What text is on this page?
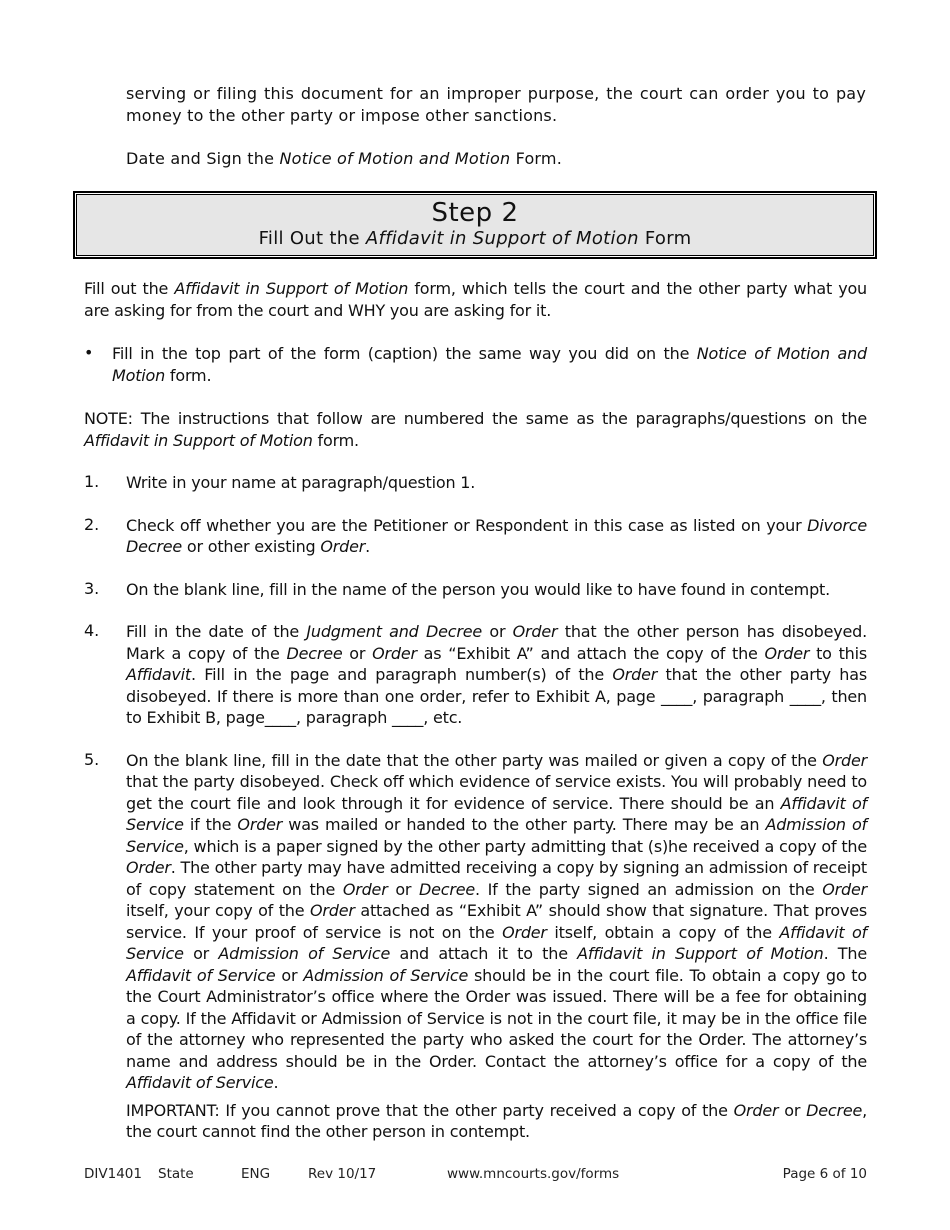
serving or filing this document for an improper purpose, the court can order you to pay money to the other party or impose other sanctions.

Date and Sign the Notice of Motion and Motion Form.

Step 2
Fill Out the Affidavit in Support of Motion Form

Fill out the Affidavit in Support of Motion form, which tells the court and the other party what you are asking for from the court and WHY you are asking for it.

•	Fill in the top part of the form (caption) the same way you did on the Notice of Motion and Motion form.

NOTE: The instructions that follow are numbered the same as the paragraphs/questions on the Affidavit in Support of Motion form.

1.	Write in your name at paragraph/question 1.

2.	Check off whether you are the Petitioner or Respondent in this case as listed on your Divorce Decree or other existing Order.

3.	On the blank line, fill in the name of the person you would like to have found in contempt.

4.	Fill in the date of the Judgment and Decree or Order that the other person has disobeyed. Mark a copy of the Decree or Order as “Exhibit A” and attach the copy of the Order to this Affidavit. Fill in the page and paragraph number(s) of the Order that the other party has disobeyed. If there is more than one order, refer to Exhibit A, page ____, paragraph ____, then to Exhibit B, page____, paragraph ____, etc.

5.	On the blank line, fill in the date that the other party was mailed or given a copy of the Order that the party disobeyed. Check off which evidence of service exists. You will probably need to get the court file and look through it for evidence of service. There should be an Affidavit of Service if the Order was mailed or handed to the other party. There may be an Admission of Service, which is a paper signed by the other party admitting that (s)he received a copy of the Order. The other party may have admitted receiving a copy by signing an admission of receipt of copy statement on the Order or Decree. If the party signed an admission on the Order itself, your copy of the Order attached as “Exhibit A” should show that signature. That proves service. If your proof of service is not on the Order itself, obtain a copy of the Affidavit of Service or Admission of Service and attach it to the Affidavit in Support of Motion. The Affidavit of Service or Admission of Service should be in the court file. To obtain a copy go to the Court Administrator’s office where the Order was issued. There will be a fee for obtaining a copy. If the Affidavit or Admission of Service is not in the court file, it may be in the office file of the attorney who represented the party who asked the court for the Order. The attorney’s name and address should be in the Order. Contact the attorney’s office for a copy of the Affidavit of Service.

IMPORTANT: If you cannot prove that the other party received a copy of the Order or Decree, the court cannot find the other person in contempt.

DIV1401 State	ENG	Rev 10/17	www.mncourts.gov/forms	Page 6 of 10
